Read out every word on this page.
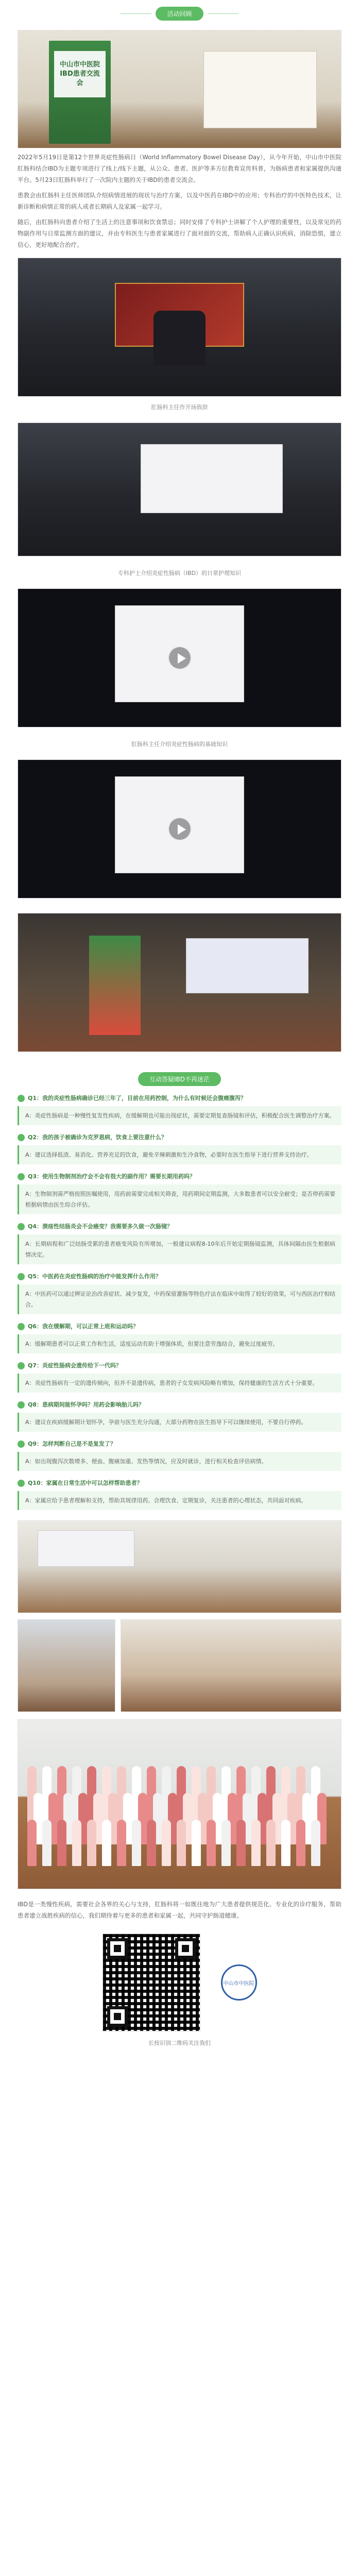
活动回顾
中山市中医院 IBD患者交流会

2022年5月19日是第12个世界炎症性肠病日（World Inflammatory Bowel Disease Day），从今年开始，中山市中医院肛肠科结合IBD为主题专项进行了线上/线下主题，从公众、患者、医护等多方位教育宣传科普，为肠病患者和家属提供沟通平台。5月23日肛肠科举行了一次院内主题的关于IBD的患者交流会。

患教会由肛肠科主任医师团队介绍病情进展的现状与治疗方案，以及中医药在IBD中的应用；专科治疗的中医特色技术，让新诊断和病情正常的病人或者长期病人及家属一起学习。

随后，由肛肠科向患者介绍了生活上的注意事项和饮食禁忌；同时安排了专科护士讲解了个人护理的重要性，以及常见的药物副作用与日常监测方面的建议，并由专科医生与患者家属进行了面对面的交流，帮助病人正确认识疾病，消除恐惧，建立信心，更好地配合治疗。

肛肠科主任作开场致辞
专科护士介绍炎症性肠病（IBD）的日常护理知识
肛肠科主任介绍炎症性肠病的基础知识
互动答疑IBD不再迷茫
Q1：我的炎症性肠病确诊已经三年了，目前在用药控制，为什么有时候还会腹痛腹泻？
A：炎症性肠病是一种慢性复发性疾病，在缓解期也可能出现症状，需要定期复查肠镜和评估，积极配合医生调整治疗方案。
Q2：我的孩子被确诊为克罗恩病，饮食上要注意什么？
A：建议选择低渣、易消化、营养充足的饮食，避免辛辣刺激和生冷食物，必要时在医生指导下进行营养支持治疗。
Q3：使用生物制剂治疗会不会有很大的副作用？需要长期用药吗？
A：生物制剂需严格按照医嘱使用，用药前需要完成相关筛查，用药期间定期监测，大多数患者可以安全耐受；是否停药需要根据病情由医生综合评估。
Q4：溃疡性结肠炎会不会癌变？我需要多久做一次肠镜？
A：长期病程和广泛结肠受累的患者癌变风险有所增加，一般建议病程8-10年后开始定期肠镜监测，具体间隔由医生根据病情决定。
Q5：中医药在炎症性肠病的治疗中能发挥什么作用？
A：中医药可以通过辨证论治改善症状、减少复发，中药保留灌肠等特色疗法在临床中取得了较好的效果，可与西医治疗相结合。
Q6：我在缓解期，可以正常上班和运动吗？
A：缓解期患者可以正常工作和生活，适度运动有助于增强体质，但要注意劳逸结合，避免过度疲劳。
Q7：炎症性肠病会遗传给下一代吗？
A：炎症性肠病有一定的遗传倾向，但并不是遗传病，患者的子女发病风险略有增加，保持健康的生活方式十分重要。
Q8：患病期间能怀孕吗？用药会影响胎儿吗？
A：建议在疾病缓解期计划怀孕，孕前与医生充分沟通，大部分药物在医生指导下可以继续使用，不要自行停药。
Q9：怎样判断自己是不是复发了？
A：如出现腹泻次数增多、便血、腹痛加重、发热等情况，应及时就诊，进行相关检查评估病情。
Q10：家属在日常生活中可以怎样帮助患者？
A：家属应给予患者理解和支持，帮助其规律用药、合理饮食、定期复诊，关注患者的心理状态，共同面对疾病。

IBD是一类慢性疾病，需要社会各界的关心与支持，肛肠科将一如既往地为广大患者提供规范化、专业化的诊疗服务，帮助患者建立战胜疾病的信心，我们期待着与更多的患者和家属一起，共同守护肠道健康。

中山市中医院
长按识别二维码关注我们
